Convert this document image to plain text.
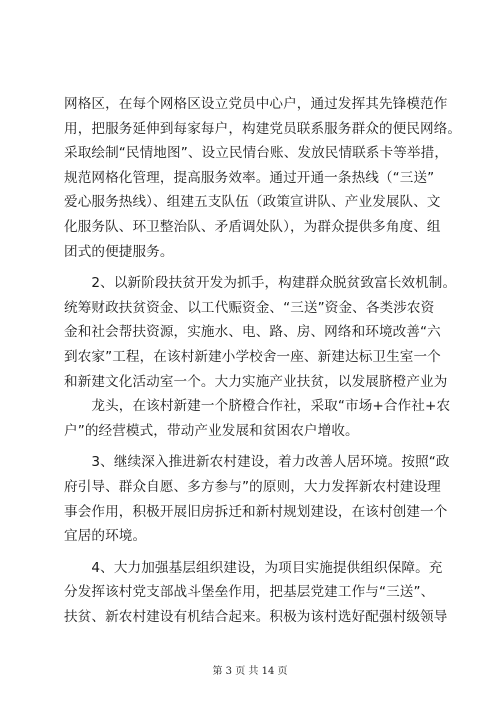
网格区，在每个网格区设立党员中心户，通过发挥其先锋模范作
用，把服务延伸到每家每户，构建党员联系服务群众的便民网络。
采取绘制“民情地图”、设立民情台账、发放民情联系卡等举措，
规范网格化管理，提高服务效率。通过开通一条热线（“三送”
爱心服务热线）、组建五支队伍（政策宣讲队、产业发展队、文
化服务队、环卫整治队、矛盾调处队），为群众提供多角度、组
团式的便捷服务。
　　2、以新阶段扶贫开发为抓手，构建群众脱贫致富长效机制。
统筹财政扶贫资金、以工代赈资金、“三送”资金、各类涉农资
金和社会帮扶资源，实施水、电、路、房、网络和环境改善“六
到农家”工程，在该村新建小学校舍一座、新建达标卫生室一个
和新建文化活动室一个。大力实施产业扶贫，以发展脐橙产业为
　　龙头，在该村新建一个脐橙合作社，采取“市场+合作社+农
户”的经营模式，带动产业发展和贫困农户增收。
　　3、继续深入推进新农村建设，着力改善人居环境。按照“政
府引导、群众自愿、多方参与”的原则，大力发挥新农村建设理
事会作用，积极开展旧房拆迁和新村规划建设，在该村创建一个
宜居的环境。
　　4、大力加强基层组织建设，为项目实施提供组织保障。充
分发挥该村党支部战斗堡垒作用，把基层党建工作与“三送”、
扶贫、新农村建设有机结合起来。积极为该村选好配强村级领导
第 3 页 共 14 页
